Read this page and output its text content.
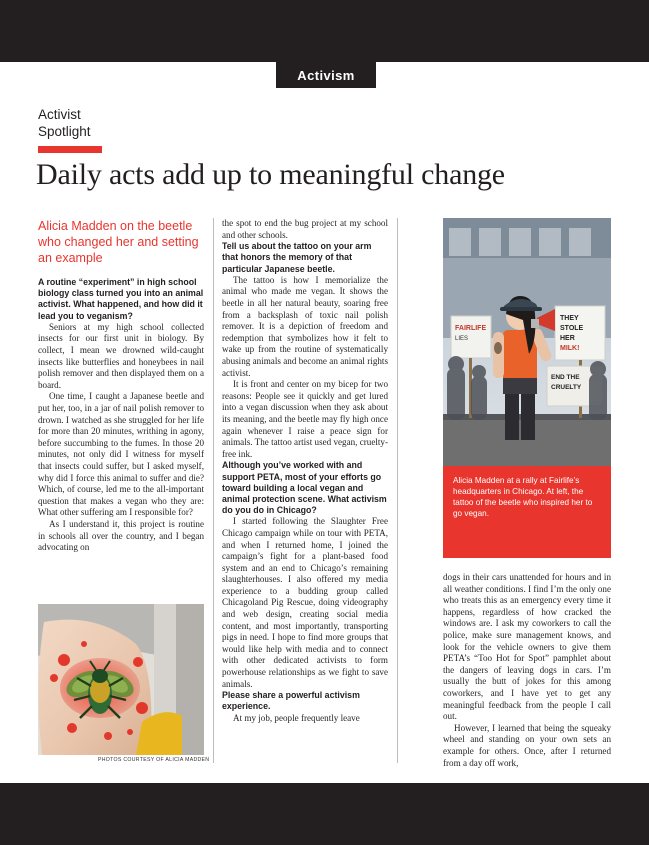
Activism
Activist
Spotlight
Daily acts add up to meaningful change
Alicia Madden on the beetle who changed her and setting an example

A routine “experiment” in high school biology class turned you into an animal activist. What happened, and how did it lead you to veganism?

Seniors at my high school collected insects for our first unit in biology. By collect, I mean we drowned wild-caught insects like butterflies and honeybees in nail polish remover and then displayed them on a board.

One time, I caught a Japanese beetle and put her, too, in a jar of nail polish remover to drown. I watched as she struggled for her life for more than 20 minutes, writhing in agony, before succumbing to the fumes. In those 20 minutes, not only did I witness for myself that insects could suffer, but I asked myself, why did I force this animal to suffer and die? Which, of course, led me to the all-important question that makes a vegan who they are: What other suffering am I responsible for?

As I understand it, this project is routine in schools all over the country, and I began advocating on

the spot to end the bug project at my school and other schools.

Tell us about the tattoo on your arm that honors the memory of that particular Japanese beetle.

The tattoo is how I memorialize the animal who made me vegan. It shows the beetle in all her natural beauty, soaring free from a backsplash of toxic nail polish remover. It is a depiction of freedom and redemption that symbolizes how it felt to wake up from the routine of systematically abusing animals and become an animal rights activist.

It is front and center on my bicep for two reasons: People see it quickly and get lured into a vegan discussion when they ask about its meaning, and the beetle may fly high once again whenever I raise a peace sign for animals. The tattoo artist used vegan, cruelty-free ink.

Although you’ve worked with and support PETA, most of your efforts go toward building a local vegan and animal protection scene. What activism do you do in Chicago?

I started following the Slaughter Free Chicago campaign while on tour with PETA, and when I returned home, I joined the campaign’s fight for a plant-based food system and an end to Chicago’s remaining slaughterhouses. I also offered my media experience to a budding group called Chicagoland Pig Rescue, doing videography and web design, creating social media content, and most importantly, transporting pigs in need. I hope to find more groups that would like help with media and to connect with other dedicated activists to form powerhouse relationships as we fight to save animals.

Please share a powerful activism experience.

At my job, people frequently leave

FAIRLIFE
LIES
THEY
STOLE
HER
MILK!
END THE
CRUELTY
Alicia Madden at a rally at Fairlife’s headquarters in Chicago. At left, the tattoo of the beetle who inspired her to go vegan.

dogs in their cars unattended for hours and in all weather conditions. I find I’m the only one who treats this as an emergency every time it happens, regardless of how cracked the windows are. I ask my coworkers to call the police, make sure management knows, and look for the vehicle owners to give them PETA’s “Too Hot for Spot” pamphlet about the dangers of leaving dogs in cars. I’m usually the butt of jokes for this among coworkers, and I have yet to get any meaningful feedback from the people I call out.

However, I learned that being the squeaky wheel and standing on your own sets an example for others. Once, after I returned from a day off work,

PHOTOS COURTESY OF ALICIA MADDEN
Planted | 44
